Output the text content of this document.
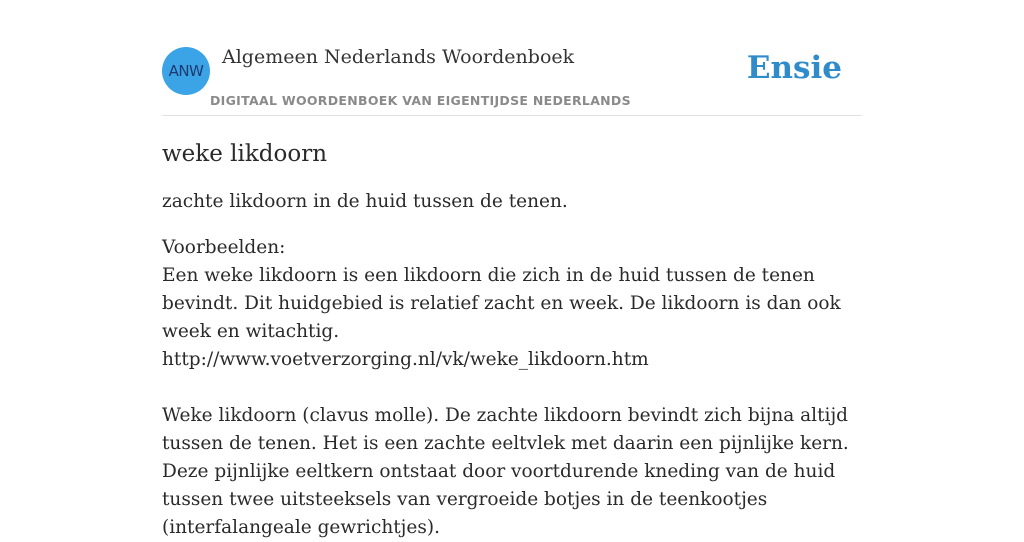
ANW
Algemeen Nederlands Woordenboek
DIGITAAL WOORDENBOEK VAN EIGENTIJDSE NEDERLANDS
Ensie
weke likdoorn

zachte likdoorn in de huid tussen de tenen.

Voorbeelden:
Een weke likdoorn is een likdoorn die zich in de huid tussen de tenen bevindt. Dit huidgebied is relatief zacht en week. De likdoorn is dan ook week en witachtig.
http://www.voetverzorging.nl/vk/weke_likdoorn.htm
Weke likdoorn (clavus molle). De zachte likdoorn bevindt zich bijna altijd tussen de tenen. Het is een zachte eeltvlek met daarin een pijnlijke kern. Deze pijnlijke eeltkern ontstaat door voortdurende kneding van de huid tussen twee uitsteeksels van vergroeide botjes in de teenkootjes (interfalangeale gewrichtjes).
